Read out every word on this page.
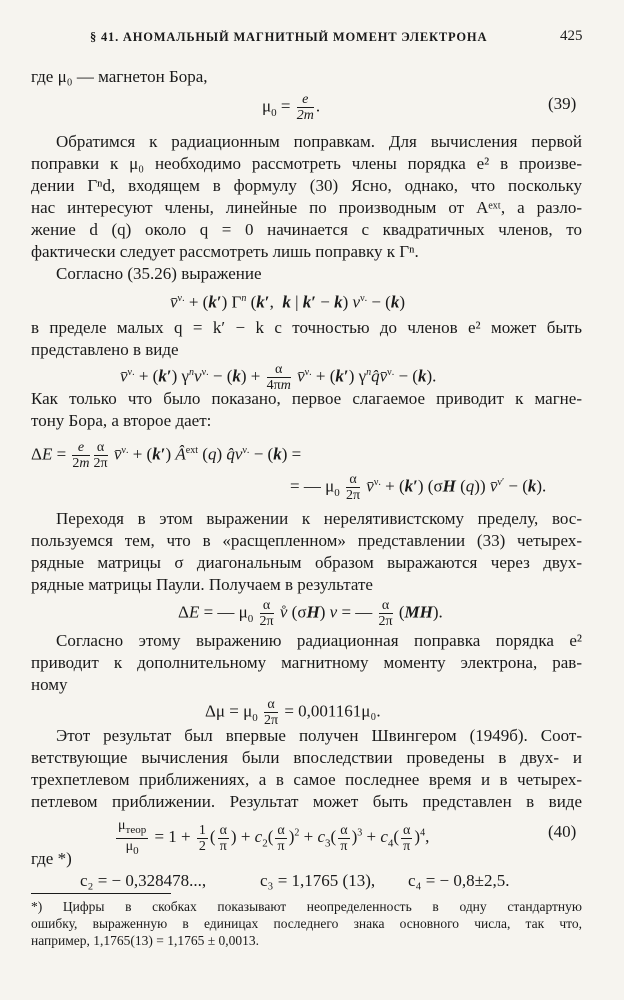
§ 41. АНОМАЛЬНЫЙ МАГНИТНЫЙ МОМЕНТ ЭЛЕКТРОНА	425
где μ₀ — магнетон Бора,
$\mu_0 = \frac{e}{2m}$ .	(39)
Обратимся к радиационным поправкам. Для вычисления первой
поправки к μ₀ необходимо рассмотреть члены порядка e² в произве-
дении Γⁿd, входящем в формулу (30) Ясно, однако, что поскольку
нас интересуют члены, линейные по производным от Aᵉˣᵗ, а разло-
жение d (q) около q = 0 начинается с квадратичных членов, то
фактически следует рассмотреть лишь поправку к Γⁿ.
Согласно (35.26) выражение
v̄$^{\nu.}$ + (k′) $\Gamma^n$ (k′,  k | k′ − k) $v^{\nu.} - (k)$
в пределе малых q = k′ − k с точностью до членов e² может быть
представлено в виде
v̄$^{\nu.}$ + (k′) $\gamma^nv^{\nu.} - (k) + \frac{\alpha}{4\pi m}$ v̄$^{\nu.}$ + (k′) $\gamma^nq̂v̄^{\nu.} - (k)$.
Как только что было показано, первое слагаемое приводит к магне-
тону Бора, а второе дает:
$\Delta E = \frac{e}{2m} \frac{\alpha}{2\pi}$ v̄$^{\nu.}$ + (k′) $Â^{ext}$ (q) $q̂v^{\nu.} - (k)$ =
= — $\mu_0 \frac{\alpha}{2\pi}$ v̄$^{\nu.}$ + (k′) (σH (q)) v̄$^{\nu'}$ − (k).
Переходя в этом выражении к нерелятивистскому пределу, вос-
пользуемся тем, что в «расщепленном» представлении (33) четырех-
рядные матрицы σ диагональным образом выражаются через двух-
рядные матрицы Паули. Получаем в результате
ΔE = — $\mu_0 \frac{\alpha}{2\pi}$ v̊ (σH) v = — $\frac{\alpha}{2\pi} (MH)$.
Согласно этому выражению радиационная поправка порядка e²
приводит к дополнительному магнитному моменту электрона, рав-
ному
$\Delta\mu = \mu_0 \frac{\alpha}{2\pi} = 0,001161\mu_0$.
Этот результат был впервые получен Швингером (1949б). Соот-
ветствующие вычисления были впоследствии проведены в двух- и
трехпетлевом приближениях, а в самое последнее время и в четырех-
петлевом приближении. Результат может быть представлен в виде
$\frac{\mu_{теор}}{\mu_0} = 1 + \frac{1}{2}$ ( $\frac{\alpha}{\pi}$ ) + $c_2( \frac{\alpha}{\pi} )^2 + c_3( \frac{\alpha}{\pi} )^3 + c_4( \frac{\alpha}{\pi} )^4$,	(40)
где *)
c₂ = − 0,328478...,	c₃ = 1,1765 (13), c₄ = − 0,8±2,5.
*) Цифры в скобках показывают неопределенность в одну стандартную
ошибку, выраженную в единицах последнего знака основного числа, так что,
например, 1,1765(13) = 1,1765 ± 0,0013.
